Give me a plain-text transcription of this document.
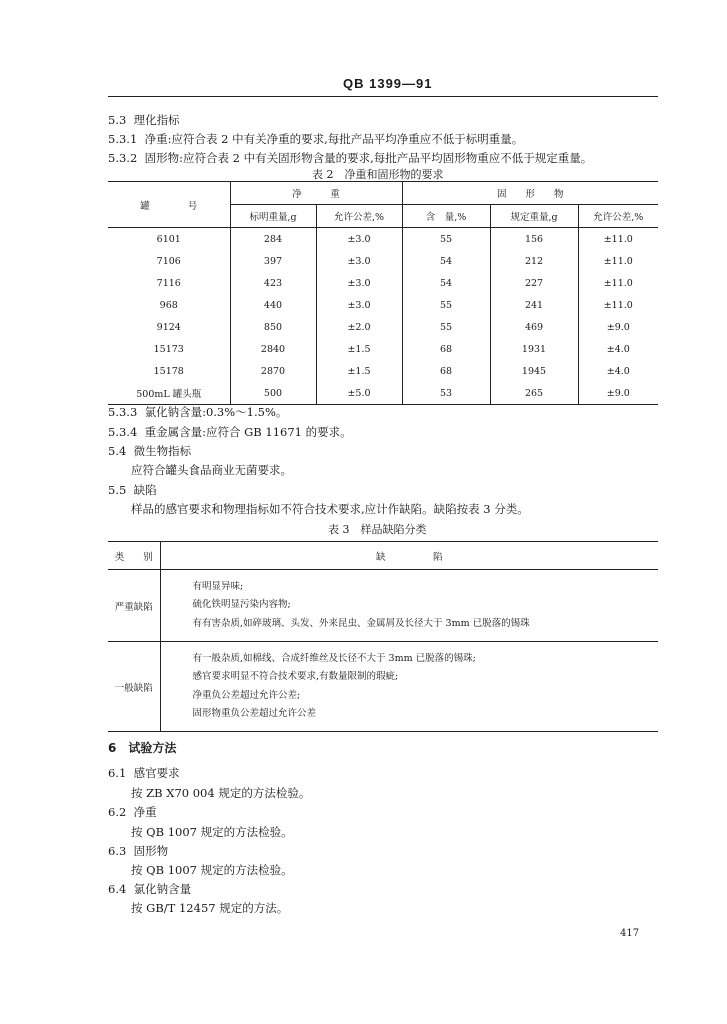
QB 1399—91
5.3 理化指标
5.3.1 净重:应符合表 2 中有关净重的要求,每批产品平均净重应不低于标明重量。
5.3.2 固形物:应符合表 2 中有关固形物含量的要求,每批产品平均固形物重应不低于规定重量。
表 2　净重和固形物的要求
罐　　　　号	净　　　重		固　　形　　物		
	标明重量,g	允许公差,%	含　量,%	规定重量,g	允许公差,%
6101	284	±3.0	55	156	±11.0
7106	397	±3.0	54	212	±11.0
7116	423	±3.0	54	227	±11.0
968	440	±3.0	55	241	±11.0
9124	850	±2.0	55	469	±9.0
15173	2840	±1.5	68	1931	±4.0
15178	2870	±1.5	68	1945	±4.0
500mL 罐头瓶	500	±5.0	53	265	±9.0
5.3.3 氯化钠含量:0.3%～1.5%。
5.3.4 重金属含量:应符合 GB 11671 的要求。
5.4 微生物指标
应符合罐头食品商业无菌要求。
5.5 缺陷
样品的感官要求和物理指标如不符合技术要求,应计作缺陷。缺陷按表 3 分类。
表 3　样品缺陷分类
类　　别	缺　　　　　陷
严重缺陷	有明显异味;
硫化铁明显污染内容物;
有有害杂质,如碎玻璃、头发、外来昆虫、金属屑及长径大于 3mm 已脱落的锡珠

一般缺陷	有一般杂质,如棉线、合成纤维丝及长径不大于 3mm 已脱落的锡珠;
感官要求明显不符合技术要求,有数量限制的瑕疵;
净重负公差超过允许公差;
固形物重负公差超过允许公差
6　试验方法
6.1 感官要求
按 ZB X70 004 规定的方法检验。
6.2 净重
按 QB 1007 规定的方法检验。
6.3 固形物
按 QB 1007 规定的方法检验。
6.4 氯化钠含量
按 GB/T 12457 规定的方法。
417
